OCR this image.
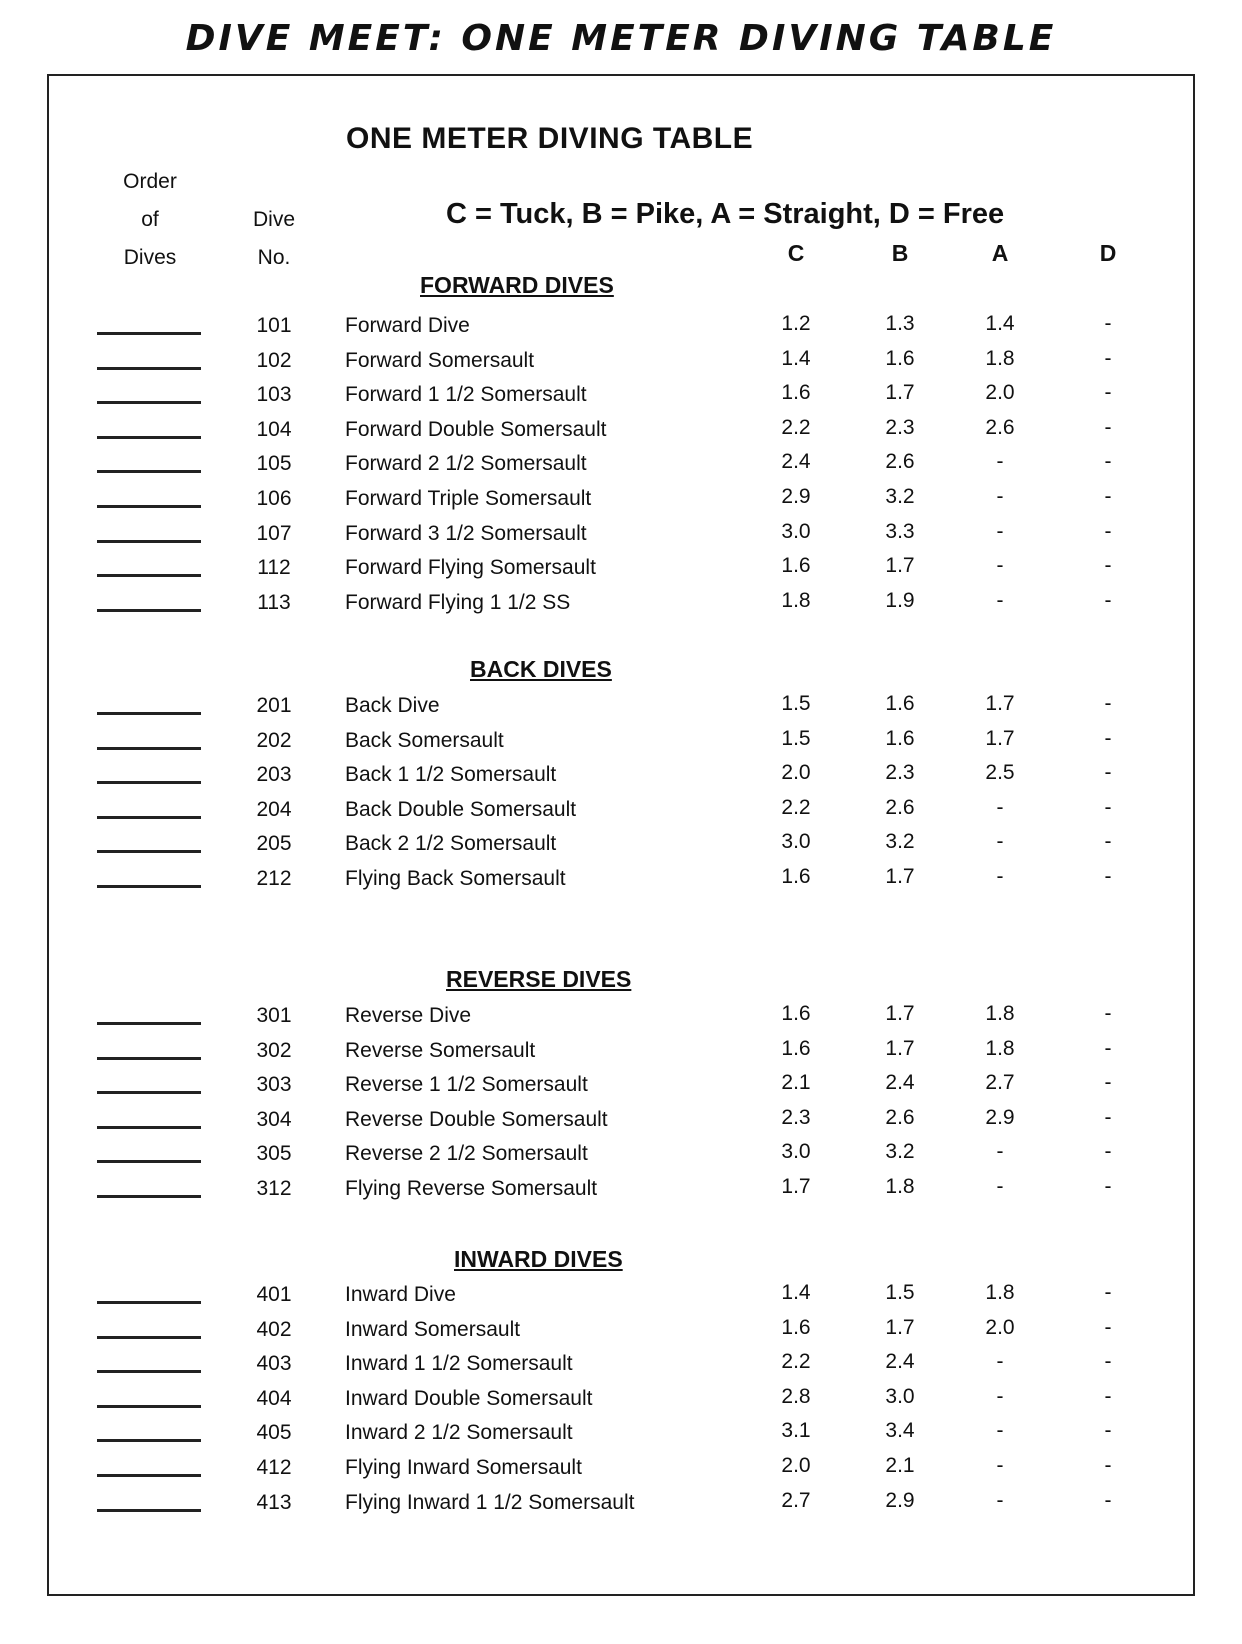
DIVE MEET: ONE METER DIVING TABLE
ONE METER DIVING TABLE
Order
of
Dives
Dive
No.
C = Tuck, B = Pike, A = Straight, D = Free
C	B	A	D
FORWARD DIVES
101	Forward Dive	1.2	1.3	1.4	-
102	Forward Somersault	1.4	1.6	1.8	-
103	Forward 1 1/2 Somersault	1.6	1.7	2.0	-
104	Forward Double Somersault	2.2	2.3	2.6	-
105	Forward 2 1/2 Somersault	2.4	2.6	-	-
106	Forward Triple Somersault	2.9	3.2	-	-
107	Forward 3 1/2 Somersault	3.0	3.3	-	-
112	Forward Flying Somersault	1.6	1.7	-	-
113	Forward Flying 1 1/2 SS	1.8	1.9	-	-
BACK DIVES
201	Back Dive	1.5	1.6	1.7	-
202	Back Somersault	1.5	1.6	1.7	-
203	Back 1 1/2 Somersault	2.0	2.3	2.5	-
204	Back Double Somersault	2.2	2.6	-	-
205	Back 2 1/2 Somersault	3.0	3.2	-	-
212	Flying Back Somersault	1.6	1.7	-	-
REVERSE DIVES
301	Reverse Dive	1.6	1.7	1.8	-
302	Reverse Somersault	1.6	1.7	1.8	-
303	Reverse 1 1/2 Somersault	2.1	2.4	2.7	-
304	Reverse Double Somersault	2.3	2.6	2.9	-
305	Reverse 2 1/2 Somersault	3.0	3.2	-	-
312	Flying Reverse Somersault	1.7	1.8	-	-
INWARD DIVES
401	Inward Dive	1.4	1.5	1.8	-
402	Inward Somersault	1.6	1.7	2.0	-
403	Inward 1 1/2 Somersault	2.2	2.4	-	-
404	Inward Double Somersault	2.8	3.0	-	-
405	Inward 2 1/2 Somersault	3.1	3.4	-	-
412	Flying Inward Somersault	2.0	2.1	-	-
413	Flying Inward 1 1/2 Somersault	2.7	2.9	-	-
